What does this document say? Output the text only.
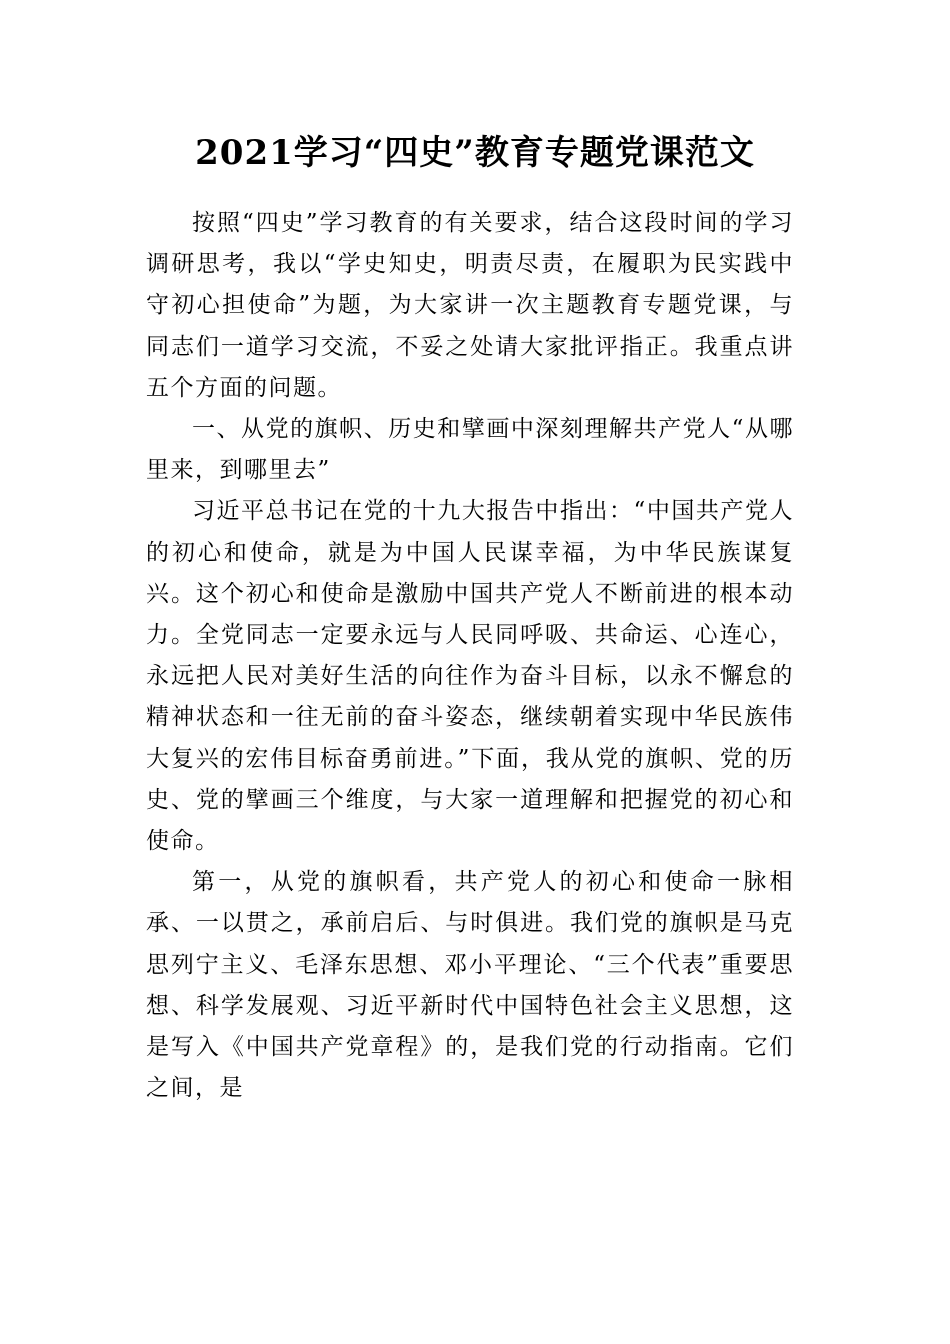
2021学习“四史”教育专题党课范文

按照“四史”学习教育的有关要求，结合这段时间的学习调研思考，我以“学史知史，明责尽责，在履职为民实践中守初心担使命”为题，为大家讲一次主题教育专题党课，与同志们一道学习交流，不妥之处请大家批评指正。我重点讲五个方面的问题。

一、从党的旗帜、历史和擘画中深刻理解共产党人“从哪里来，到哪里去”

习近平总书记在党的十九大报告中指出：“中国共产党人的初心和使命，就是为中国人民谋幸福，为中华民族谋复兴。这个初心和使命是激励中国共产党人不断前进的根本动力。全党同志一定要永远与人民同呼吸、共命运、心连心，永远把人民对美好生活的向往作为奋斗目标，以永不懈怠的精神状态和一往无前的奋斗姿态，继续朝着实现中华民族伟大复兴的宏伟目标奋勇前进。”下面，我从党的旗帜、党的历史、党的擘画三个维度，与大家一道理解和把握党的初心和使命。

第一，从党的旗帜看，共产党人的初心和使命一脉相承、一以贯之，承前启后、与时俱进。我们党的旗帜是马克思列宁主义、毛泽东思想、邓小平理论、“三个代表”重要思想、科学发展观、习近平新时代中国特色社会主义思想，这是写入《中国共产党章程》的，是我们党的行动指南。它们之间，是
